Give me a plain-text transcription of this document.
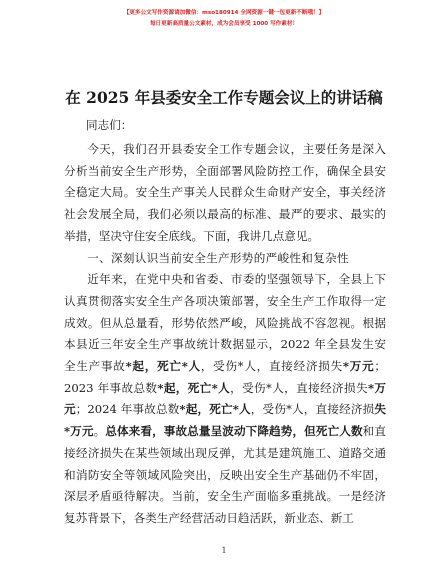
【更多公文写作资源请加微信：mso180914 全网资源一键一包更新不断哦！】
每日更新高质量公文素材，成为会员享受 1000 写作素材！
在 2025 年县委安全工作专题会议上的讲话稿
同志们：

今天，我们召开县委安全工作专题会议，主要任务是深入分析当前安全生产形势，全面部署风险防控工作，确保全县安全稳定大局。安全生产事关人民群众生命财产安全，事关经济社会发展全局，我们必须以最高的标准、最严的要求、最实的举措，坚决守住安全底线。下面，我讲几点意见。

一、深刻认识当前安全生产形势的严峻性和复杂性

近年来，在党中央和省委、市委的坚强领导下，全县上下认真贯彻落实安全生产各项决策部署，安全生产工作取得一定成效。但从总量看，形势依然严峻，风险挑战不容忽视。根据本县近三年安全生产事故统计数据显示，2022 年全县发生安全生产事故*起，死亡*人，受伤*人，直接经济损失*万元；2023 年事故总数*起，死亡*人，受伤*人，直接经济损失*万元；2024 年事故总数*起，死亡*人，受伤*人，直接经济损失*万元。总体来看，事故总量呈波动下降趋势，但死亡人数和直接经济损失在某些领域出现反弹，尤其是建筑施工、道路交通和消防安全等领域风险突出，反映出安全生产基础仍不牢固，深层矛盾亟待解决。当前，安全生产面临多重挑战。一是经济复苏背景下，各类生产经营活动日趋活跃，新业态、新工

1
